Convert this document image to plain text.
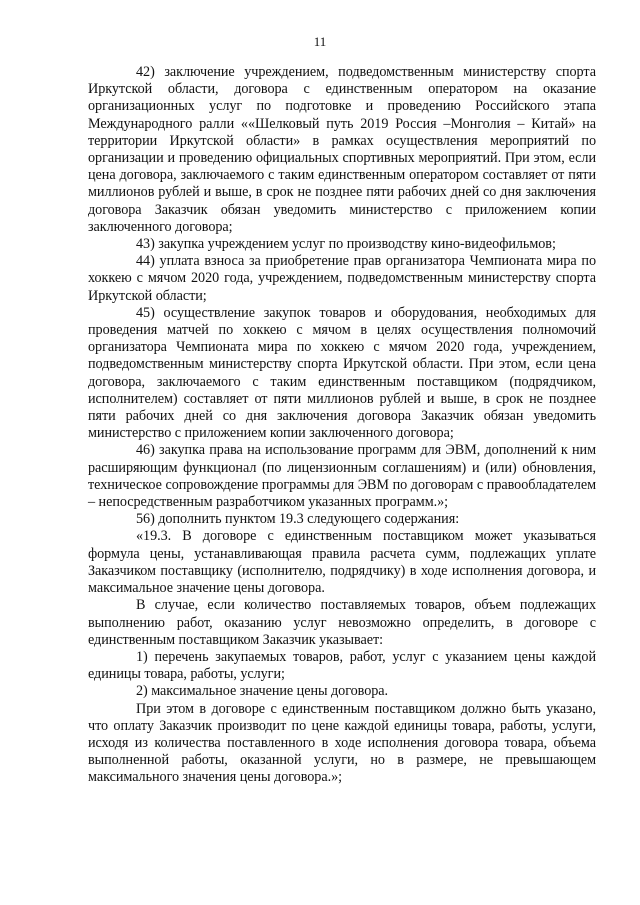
11

42) заключение учреждением, подведомственным министерству спорта Иркутской области, договора с единственным оператором на оказание организационных услуг по подготовке и проведению Российского этапа Международного ралли ««Шелковый путь 2019 Россия –Монголия – Китай» на территории Иркутской области» в рамках осуществления мероприятий по организации и проведению официальных спортивных мероприятий. При этом, если цена договора, заключаемого с таким единственным оператором составляет от пяти миллионов рублей и выше, в срок не позднее пяти рабочих дней со дня заключения договора Заказчик обязан уведомить министерство с приложением копии заключенного договора;

43) закупка учреждением услуг по производству кино-видеофильмов;

44) уплата взноса за приобретение прав организатора Чемпионата мира по хоккею с мячом 2020 года, учреждением, подведомственным министерству спорта Иркутской области;

45) осуществление закупок товаров и оборудования, необходимых для проведения матчей по хоккею с мячом в целях осуществления полномочий организатора Чемпионата мира по хоккею с мячом 2020 года, учреждением, подведомственным министерству спорта Иркутской области. При этом, если цена договора, заключаемого с таким единственным поставщиком (подрядчиком, исполнителем) составляет от пяти миллионов рублей и выше, в срок не позднее пяти рабочих дней со дня заключения договора Заказчик обязан уведомить министерство с приложением копии заключенного договора;

46) закупка права на использование программ для ЭВМ, дополнений к ним расширяющим функционал (по лицензионным соглашениям) и (или) обновления, техническое сопровождение программы для ЭВМ по договорам с правообладателем – непосредственным разработчиком указанных программ.»;

56) дополнить пунктом 19.3 следующего содержания:

«19.3. В договоре с единственным поставщиком может указываться формула цены, устанавливающая правила расчета сумм, подлежащих уплате Заказчиком поставщику (исполнителю, подрядчику) в ходе исполнения договора, и максимальное значение цены договора.

В случае, если количество поставляемых товаров, объем подлежащих выполнению работ, оказанию услуг невозможно определить, в договоре с единственным поставщиком Заказчик указывает:

1) перечень закупаемых товаров, работ, услуг с указанием цены каждой единицы товара, работы, услуги;

2) максимальное значение цены договора.

При этом в договоре с единственным поставщиком должно быть указано, что оплату Заказчик производит по цене каждой единицы товара, работы, услуги, исходя из количества поставленного в ходе исполнения договора товара, объема выполненной работы, оказанной услуги, но в размере, не превышающем максимального значения цены договора.»;
